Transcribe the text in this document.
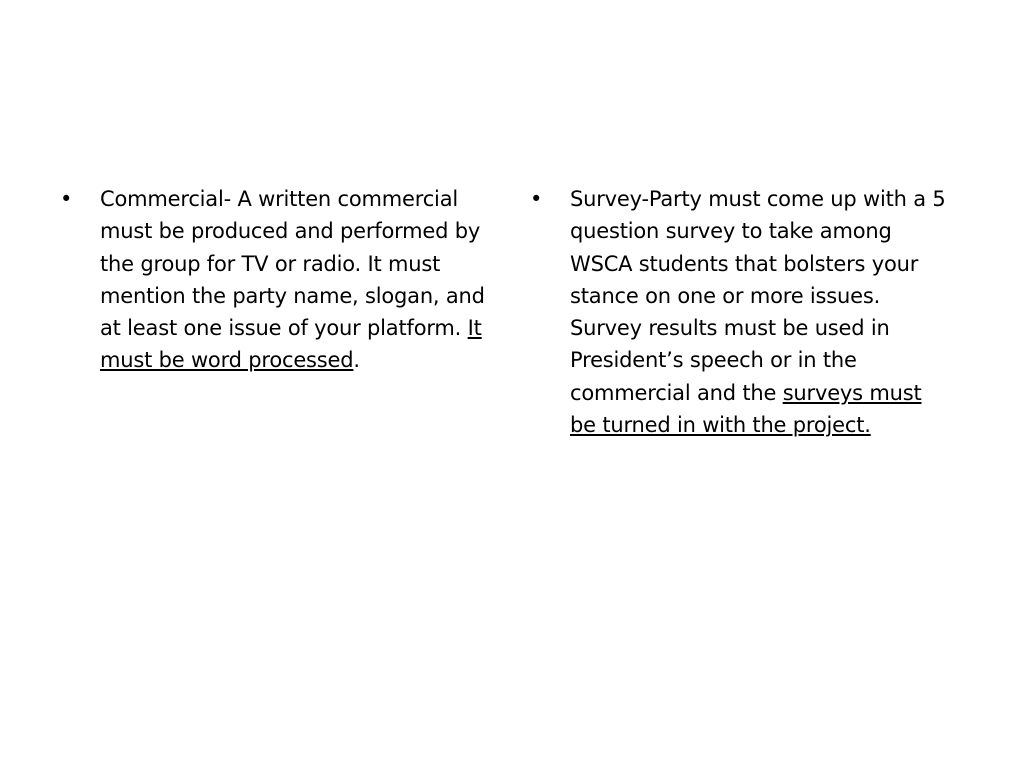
• Commercial- A written commercial must be produced and performed by the group for TV or radio. It must mention the party name, slogan, and at least one issue of your platform. It must be word processed.
• Survey-Party must come up with a 5 question survey to take among WSCA students that bolsters your stance on one or more issues. Survey results must be used in President’s speech or in the commercial and the surveys must be turned in with the project.
